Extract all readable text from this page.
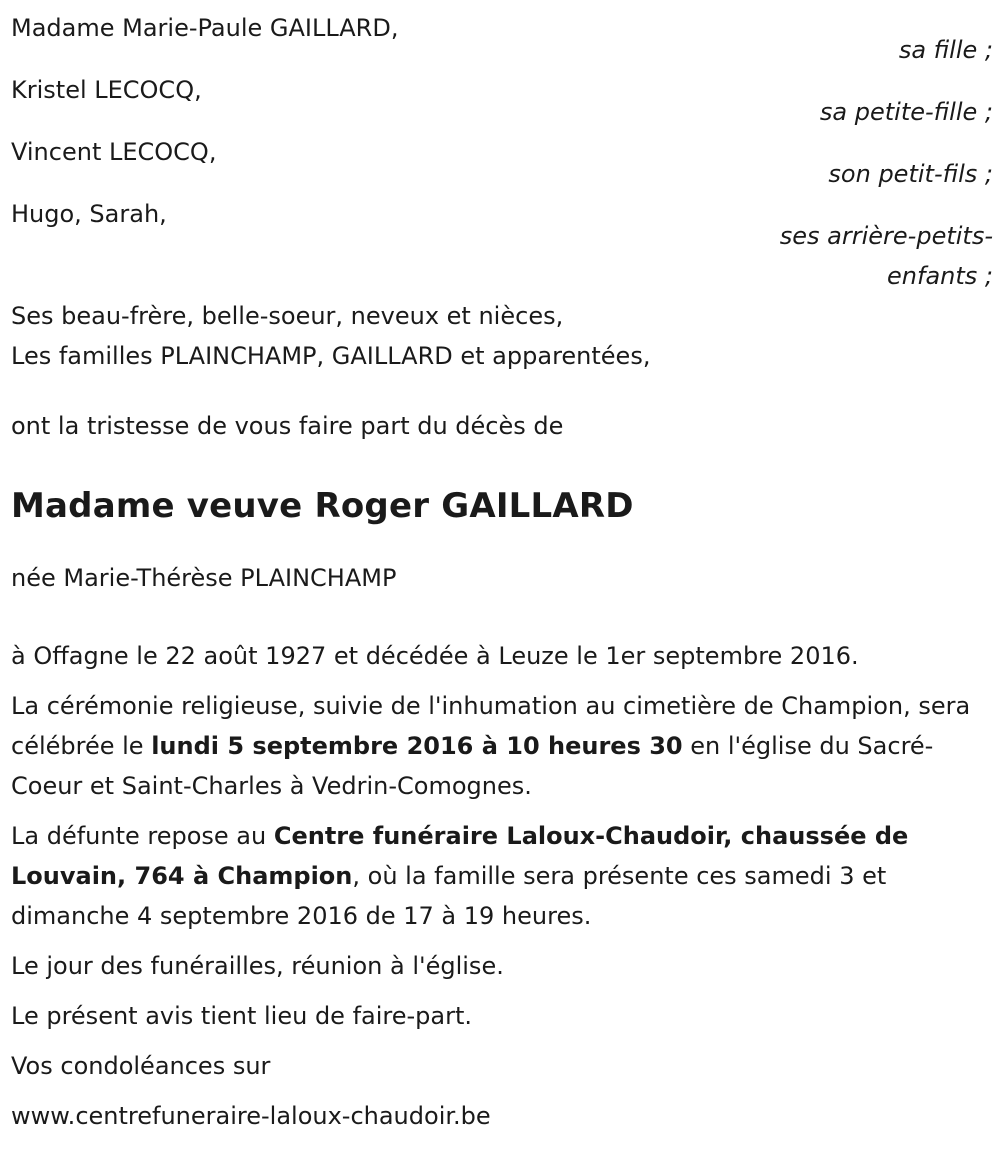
Madame Marie-Paule GAILLARD,
sa fille ;
Kristel LECOCQ,
sa petite-fille ;
Vincent LECOCQ,
son petit-fils ;
Hugo, Sarah,
ses arrière-petits-enfants ;

Ses beau-frère, belle-soeur, neveux et nièces,

Les familles PLAINCHAMP, GAILLARD et apparentées,

ont la tristesse de vous faire part du décès de

Madame veuve Roger GAILLARD

née Marie-Thérèse PLAINCHAMP

à Offagne le 22 août 1927 et décédée à Leuze le 1er septembre 2016.

La cérémonie religieuse, suivie de l'inhumation au cimetière de Champion, sera célébrée le lundi 5 septembre 2016 à 10 heures 30 en l'église du Sacré-Coeur et Saint-Charles à Vedrin-Comognes.

La défunte repose au Centre funéraire Laloux-Chaudoir, chaussée de Louvain, 764 à Champion, où la famille sera présente ces samedi 3 et dimanche 4 septembre 2016 de 17 à 19 heures.

Le jour des funérailles, réunion à l'église.

Le présent avis tient lieu de faire-part.

Vos condoléances sur

www.centrefuneraire-laloux-chaudoir.be
